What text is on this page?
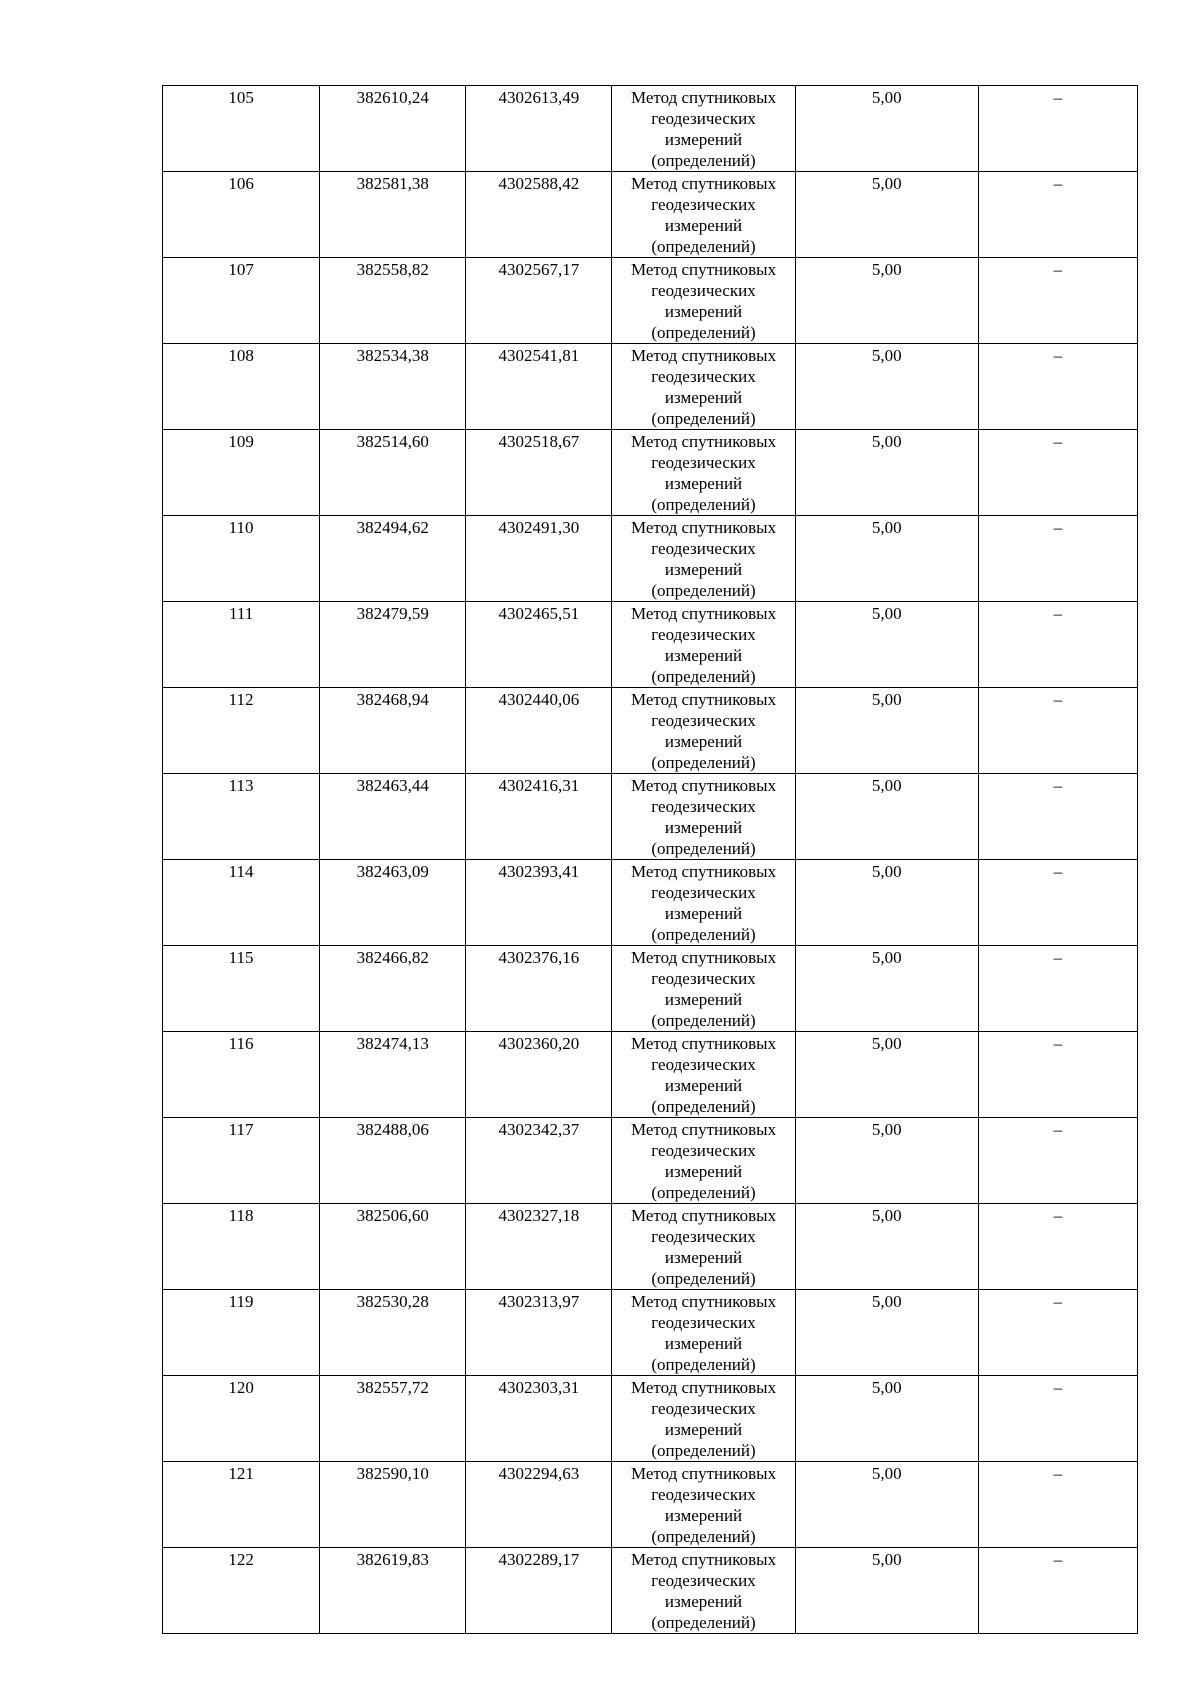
105	382610,24	4302613,49	Метод спутниковых геодезических измерений (определений)	5,00	–
106	382581,38	4302588,42	Метод спутниковых геодезических измерений (определений)	5,00	–
107	382558,82	4302567,17	Метод спутниковых геодезических измерений (определений)	5,00	–
108	382534,38	4302541,81	Метод спутниковых геодезических измерений (определений)	5,00	–
109	382514,60	4302518,67	Метод спутниковых геодезических измерений (определений)	5,00	–
110	382494,62	4302491,30	Метод спутниковых геодезических измерений (определений)	5,00	–
111	382479,59	4302465,51	Метод спутниковых геодезических измерений (определений)	5,00	–
112	382468,94	4302440,06	Метод спутниковых геодезических измерений (определений)	5,00	–
113	382463,44	4302416,31	Метод спутниковых геодезических измерений (определений)	5,00	–
114	382463,09	4302393,41	Метод спутниковых геодезических измерений (определений)	5,00	–
115	382466,82	4302376,16	Метод спутниковых геодезических измерений (определений)	5,00	–
116	382474,13	4302360,20	Метод спутниковых геодезических измерений (определений)	5,00	–
117	382488,06	4302342,37	Метод спутниковых геодезических измерений (определений)	5,00	–
118	382506,60	4302327,18	Метод спутниковых геодезических измерений (определений)	5,00	–
119	382530,28	4302313,97	Метод спутниковых геодезических измерений (определений)	5,00	–
120	382557,72	4302303,31	Метод спутниковых геодезических измерений (определений)	5,00	–
121	382590,10	4302294,63	Метод спутниковых геодезических измерений (определений)	5,00	–
122	382619,83	4302289,17	Метод спутниковых геодезических измерений (определений)	5,00	–
